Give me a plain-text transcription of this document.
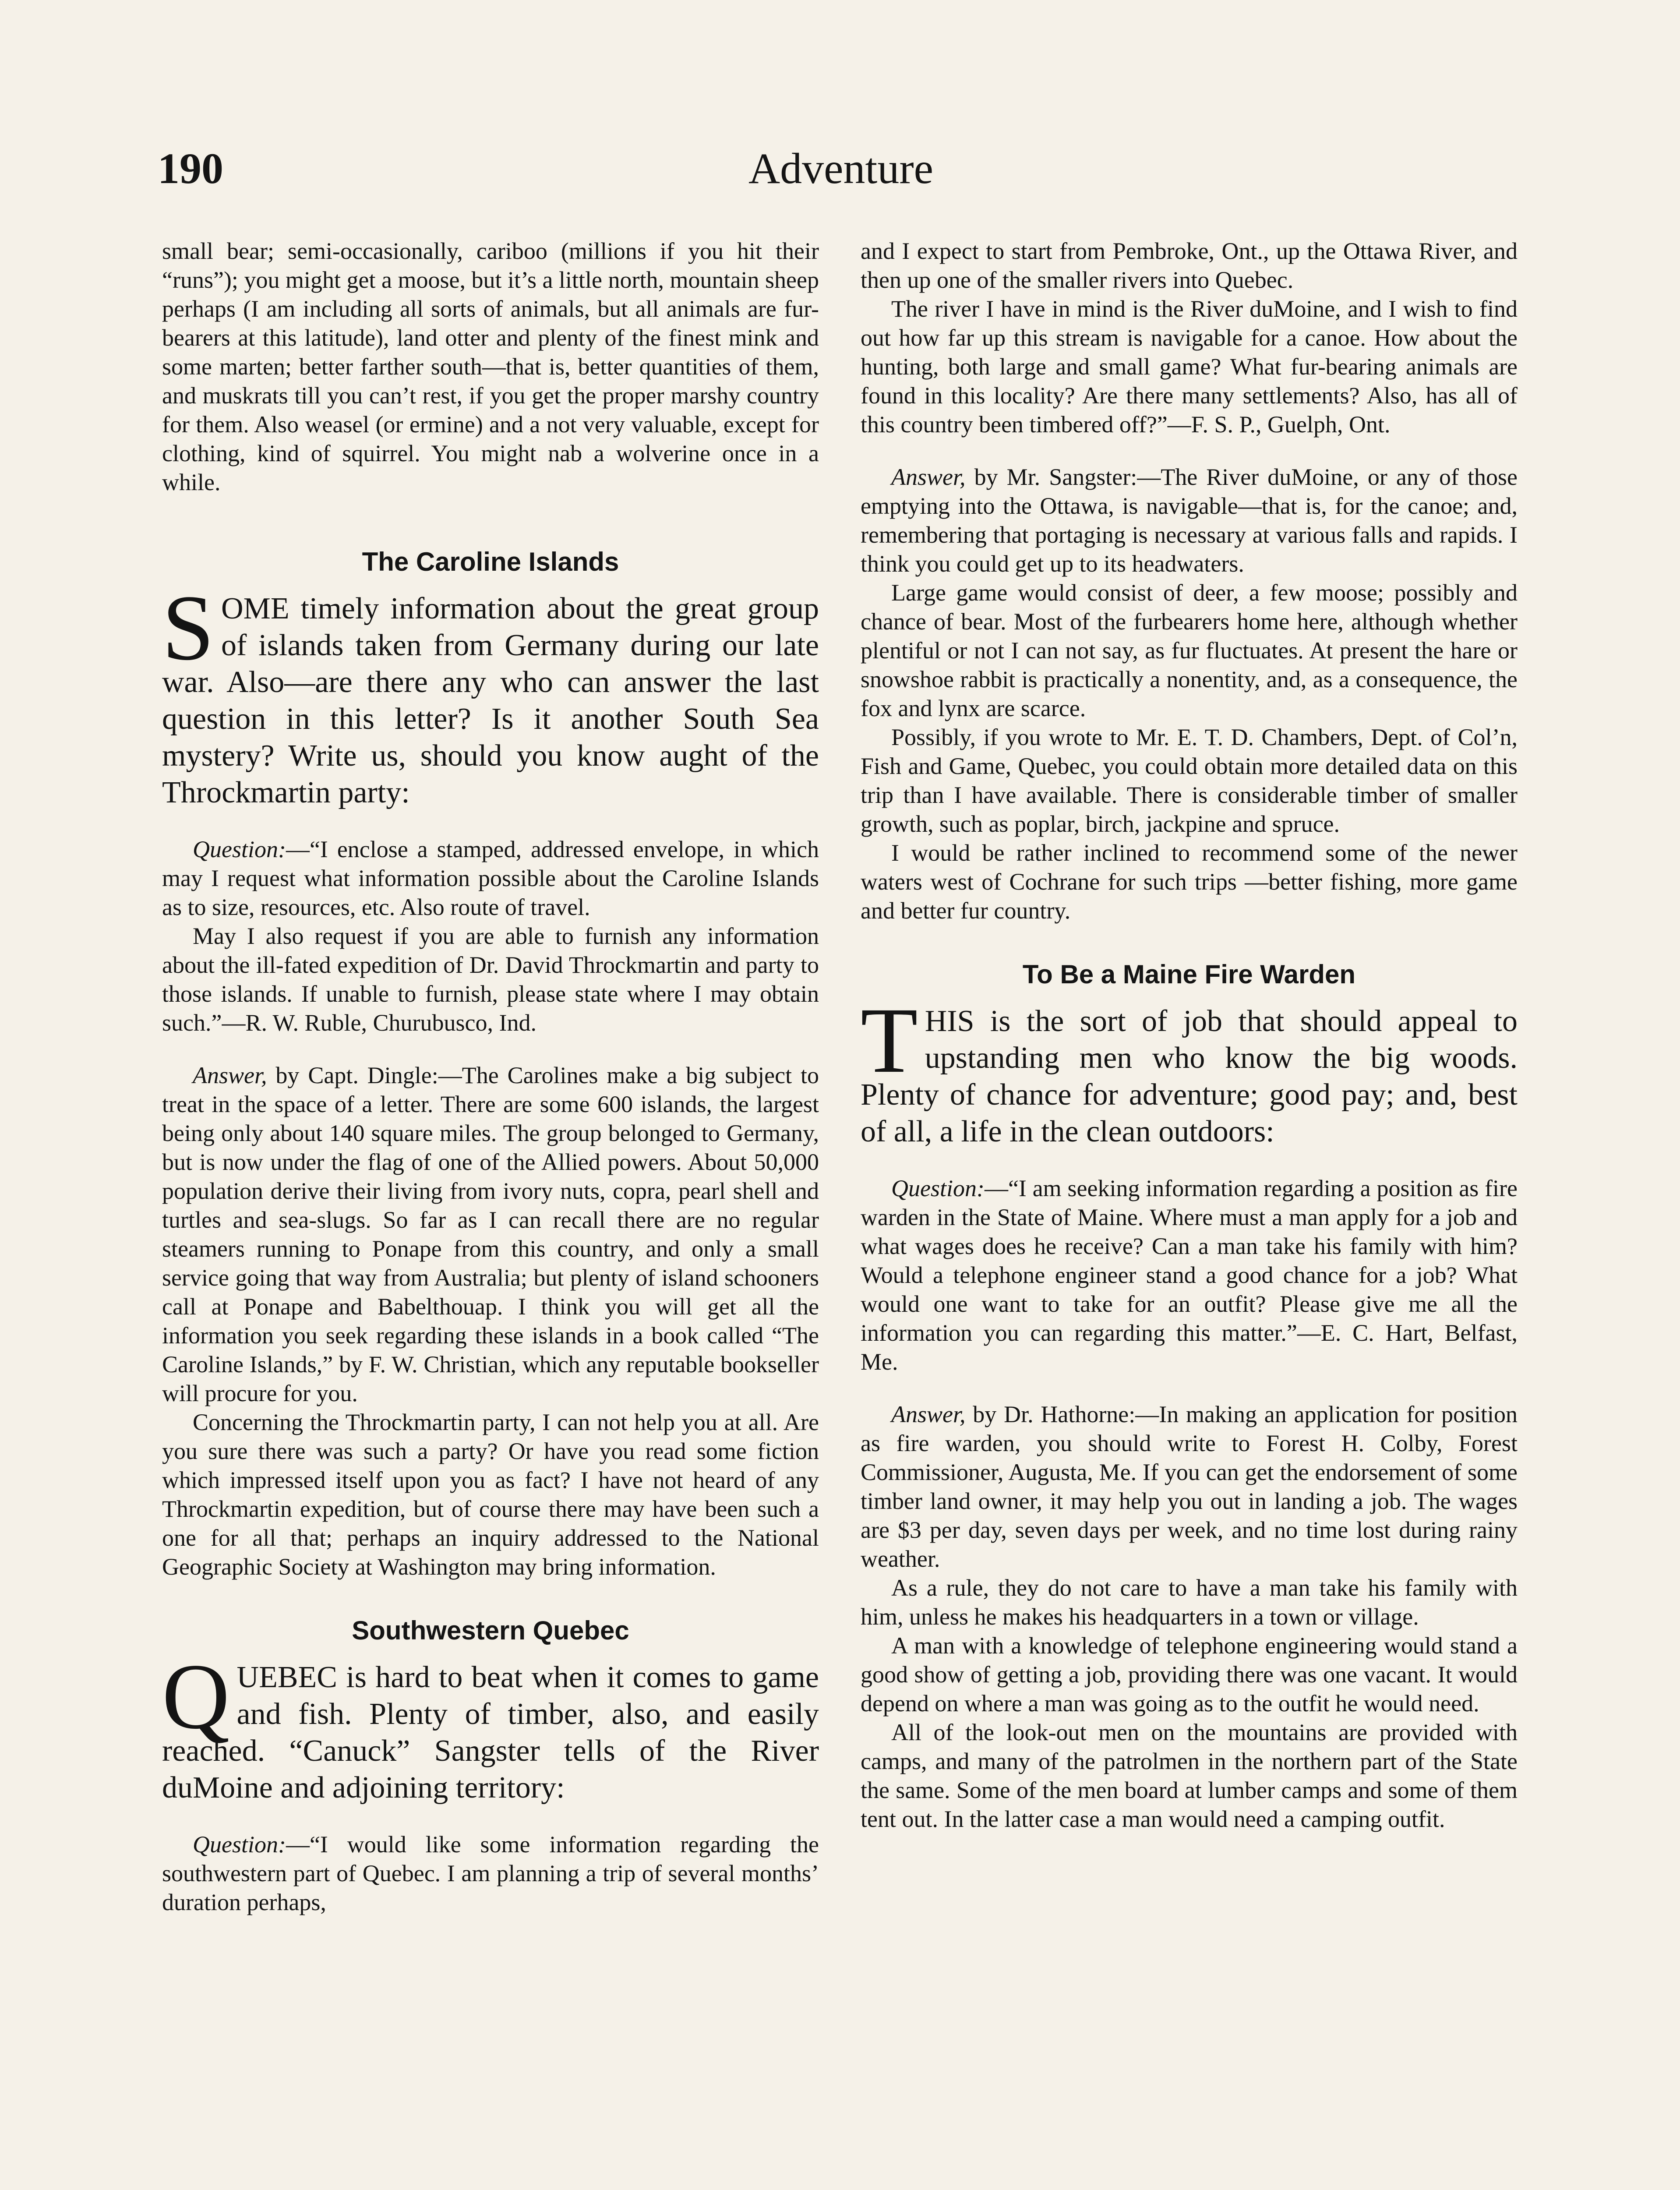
190	Adventure

small bear; semi-occasionally, cariboo (millions if you hit their “runs”); you might get a moose, but it’s a little north, mountain sheep perhaps (I am including all sorts of animals, but all animals are fur-bearers at this latitude), land otter and plenty of the finest mink and some marten; better farther south—that is, better quantities of them, and muskrats till you can’t rest, if you get the proper marshy country for them. Also weasel (or ermine) and a not very valuable, except for clothing, kind of squirrel. You might nab a wolverine once in a while.

The Caroline Islands

SOME timely information about the great group of islands taken from Germany during our late war. Also—are there any who can answer the last question in this letter? Is it another South Sea mystery? Write us, should you know aught of the Throckmartin party:

Question:—“I enclose a stamped, addressed envelope, in which may I request what information possible about the Caroline Islands as to size, resources, etc. Also route of travel.

May I also request if you are able to furnish any information about the ill-fated expedition of Dr. David Throckmartin and party to those islands. If unable to furnish, please state where I may obtain such.”—R. W. Ruble, Churubusco, Ind.

Answer, by Capt. Dingle:—The Carolines make a big subject to treat in the space of a letter. There are some 600 islands, the largest being only about 140 square miles. The group belonged to Germany, but is now under the flag of one of the Allied powers. About 50,000 population derive their living from ivory nuts, copra, pearl shell and turtles and sea-slugs. So far as I can recall there are no regular steamers running to Ponape from this country, and only a small service going that way from Australia; but plenty of island schooners call at Ponape and Babelthouap. I think you will get all the information you seek regarding these islands in a book called “The Caroline Islands,” by F. W. Christian, which any reputable bookseller will procure for you.

Concerning the Throckmartin party, I can not help you at all. Are you sure there was such a party? Or have you read some fiction which impressed itself upon you as fact? I have not heard of any Throckmartin expedition, but of course there may have been such a one for all that; perhaps an inquiry addressed to the National Geographic Society at Washington may bring information.

Southwestern Quebec

QUEBEC is hard to beat when it comes to game and fish. Plenty of timber, also, and easily reached. “Canuck” Sangster tells of the River duMoine and adjoining territory:

Question:—“I would like some information regarding the southwestern part of Quebec. I am planning a trip of several months’ duration perhaps,

and I expect to start from Pembroke, Ont., up the Ottawa River, and then up one of the smaller rivers into Quebec.

The river I have in mind is the River duMoine, and I wish to find out how far up this stream is navigable for a canoe. How about the hunting, both large and small game? What fur-bearing animals are found in this locality? Are there many settlements? Also, has all of this country been timbered off?”—F. S. P., Guelph, Ont.

Answer, by Mr. Sangster:—The River duMoine, or any of those emptying into the Ottawa, is navigable—that is, for the canoe; and, remembering that portaging is necessary at various falls and rapids. I think you could get up to its headwaters.

Large game would consist of deer, a few moose; possibly and chance of bear. Most of the furbearers home here, although whether plentiful or not I can not say, as fur fluctuates. At present the hare or snowshoe rabbit is practically a nonentity, and, as a consequence, the fox and lynx are scarce.

Possibly, if you wrote to Mr. E. T. D. Chambers, Dept. of Col’n, Fish and Game, Quebec, you could obtain more detailed data on this trip than I have available. There is considerable timber of smaller growth, such as poplar, birch, jackpine and spruce.

I would be rather inclined to recommend some of the newer waters west of Cochrane for such trips —better fishing, more game and better fur country.

To Be a Maine Fire Warden

THIS is the sort of job that should appeal to upstanding men who know the big woods. Plenty of chance for adventure; good pay; and, best of all, a life in the clean outdoors:

Question:—“I am seeking information regarding a position as fire warden in the State of Maine. Where must a man apply for a job and what wages does he receive? Can a man take his family with him? Would a telephone engineer stand a good chance for a job? What would one want to take for an outfit? Please give me all the information you can regarding this matter.”—E. C. Hart, Belfast, Me.

Answer, by Dr. Hathorne:—In making an application for position as fire warden, you should write to Forest H. Colby, Forest Commissioner, Augusta, Me. If you can get the endorsement of some timber land owner, it may help you out in landing a job. The wages are $3 per day, seven days per week, and no time lost during rainy weather.

As a rule, they do not care to have a man take his family with him, unless he makes his headquarters in a town or village.

A man with a knowledge of telephone engineering would stand a good show of getting a job, providing there was one vacant. It would depend on where a man was going as to the outfit he would need.

All of the look-out men on the mountains are provided with camps, and many of the patrolmen in the northern part of the State the same. Some of the men board at lumber camps and some of them tent out. In the latter case a man would need a camping outfit.
